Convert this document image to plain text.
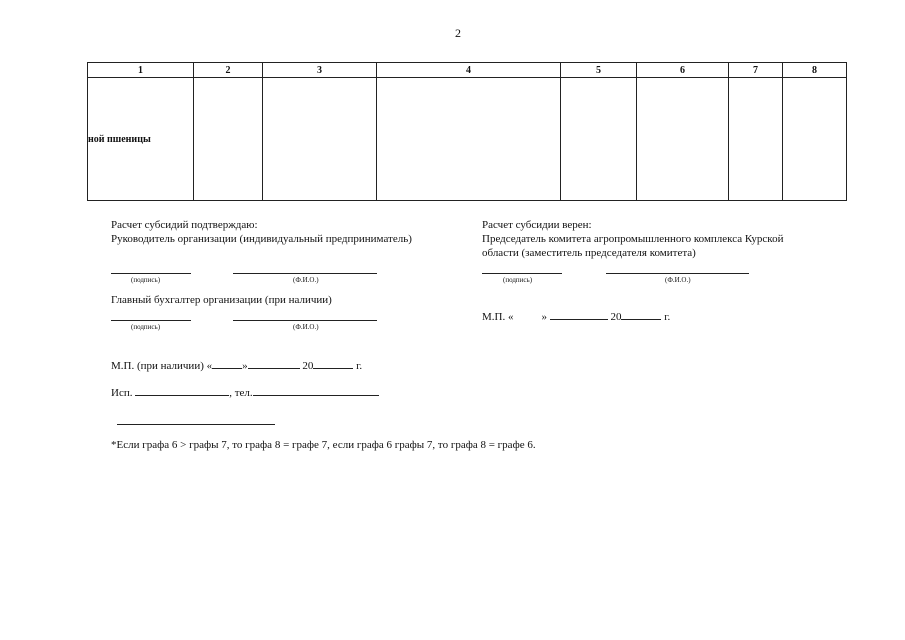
2
1	2	3	4	5	6	7	8
ной пшеницы							
Расчет субсидий подтверждаю:
Руководитель организации (индивидуальный предприниматель)
(подпись)	(Ф.И.О.)
Главный бухгалтер организации (при наличии)
(подпись)	(Ф.И.О.)
М.П. (при наличии) «	»	20	г.
Исп.	, тел.
*Если графа 6 > графы 7, то графа 8 = графе 7, если графа 6 графы 7, то графа 8 = графе 6.
Расчет субсидии верен:
Председатель комитета агропромышленного комплекса Курской
области (заместитель председателя комитета)
(подпись)	(Ф.И.О.)
М.П. «	»	20	г.
